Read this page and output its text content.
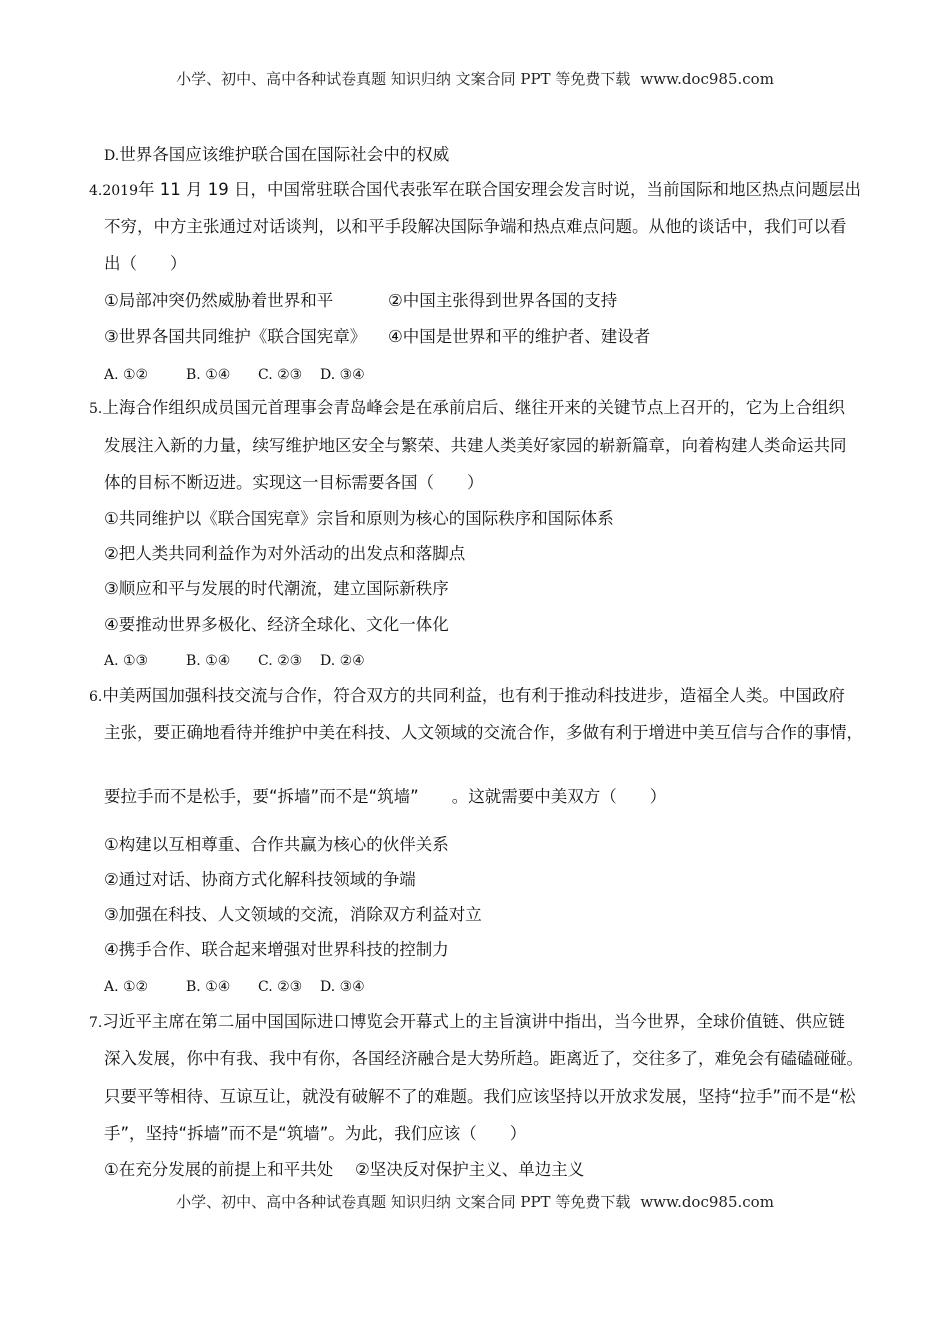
小学、初中、高中各种试卷真题 知识归纳 文案合同 PPT 等免费下载 www.doc985.com
D.世界各国应该维护联合国在国际社会中的权威
4.2019年 11 月 19 日，中国常驻联合国代表张军在联合国安理会发言时说，当前国际和地区热点问题层出
不穷，中方主张通过对话谈判，以和平手段解决国际争端和热点难点问题。从他的谈话中，我们可以看
出（　　）
①局部冲突仍然威胁着世界和平	②中国主张得到世界各国的支持
③世界各国共同维护《联合国宪章》 ④中国是世界和平的维护者、建设者
A. ①②	B. ①④ C. ②③ D. ③④
5.上海合作组织成员国元首理事会青岛峰会是在承前启后、继往开来的关键节点上召开的，它为上合组织
发展注入新的力量，续写维护地区安全与繁荣、共建人类美好家园的崭新篇章，向着构建人类命运共同
体的目标不断迈进。实现这一目标需要各国（　　）
①共同维护以《联合国宪章》宗旨和原则为核心的国际秩序和国际体系
②把人类共同利益作为对外活动的出发点和落脚点
③顺应和平与发展的时代潮流，建立国际新秩序
④要推动世界多极化、经济全球化、文化一体化
A. ①③	B. ①④ C. ②③ D. ②④
6.中美两国加强科技交流与合作，符合双方的共同利益，也有利于推动科技进步，造福全人类。中国政府
主张，要正确地看待并维护中美在科技、人文领域的交流合作，多做有利于增进中美互信与合作的事情，
要拉手而不是松手，要“拆墙”而不是“筑墙”　　。这就需要中美双方（　　）
①构建以互相尊重、合作共赢为核心的伙伴关系
②通过对话、协商方式化解科技领域的争端
③加强在科技、人文领域的交流，消除双方利益对立
④携手合作、联合起来增强对世界科技的控制力
A. ①②	B. ①④ C. ②③ D. ③④
7.习近平主席在第二届中国国际进口博览会开幕式上的主旨演讲中指出，当今世界，全球价值链、供应链
深入发展，你中有我、我中有你，各国经济融合是大势所趋。距离近了，交往多了，难免会有磕磕碰碰。
只要平等相待、互谅互让，就没有破解不了的难题。我们应该坚持以开放求发展，坚持“拉手”而不是“松
手”，坚持“拆墙”而不是“筑墙”。为此，我们应该（　　）
①在充分发展的前提上和平共处 ②坚决反对保护主义、单边主义
小学、初中、高中各种试卷真题 知识归纳 文案合同 PPT 等免费下载 www.doc985.com
